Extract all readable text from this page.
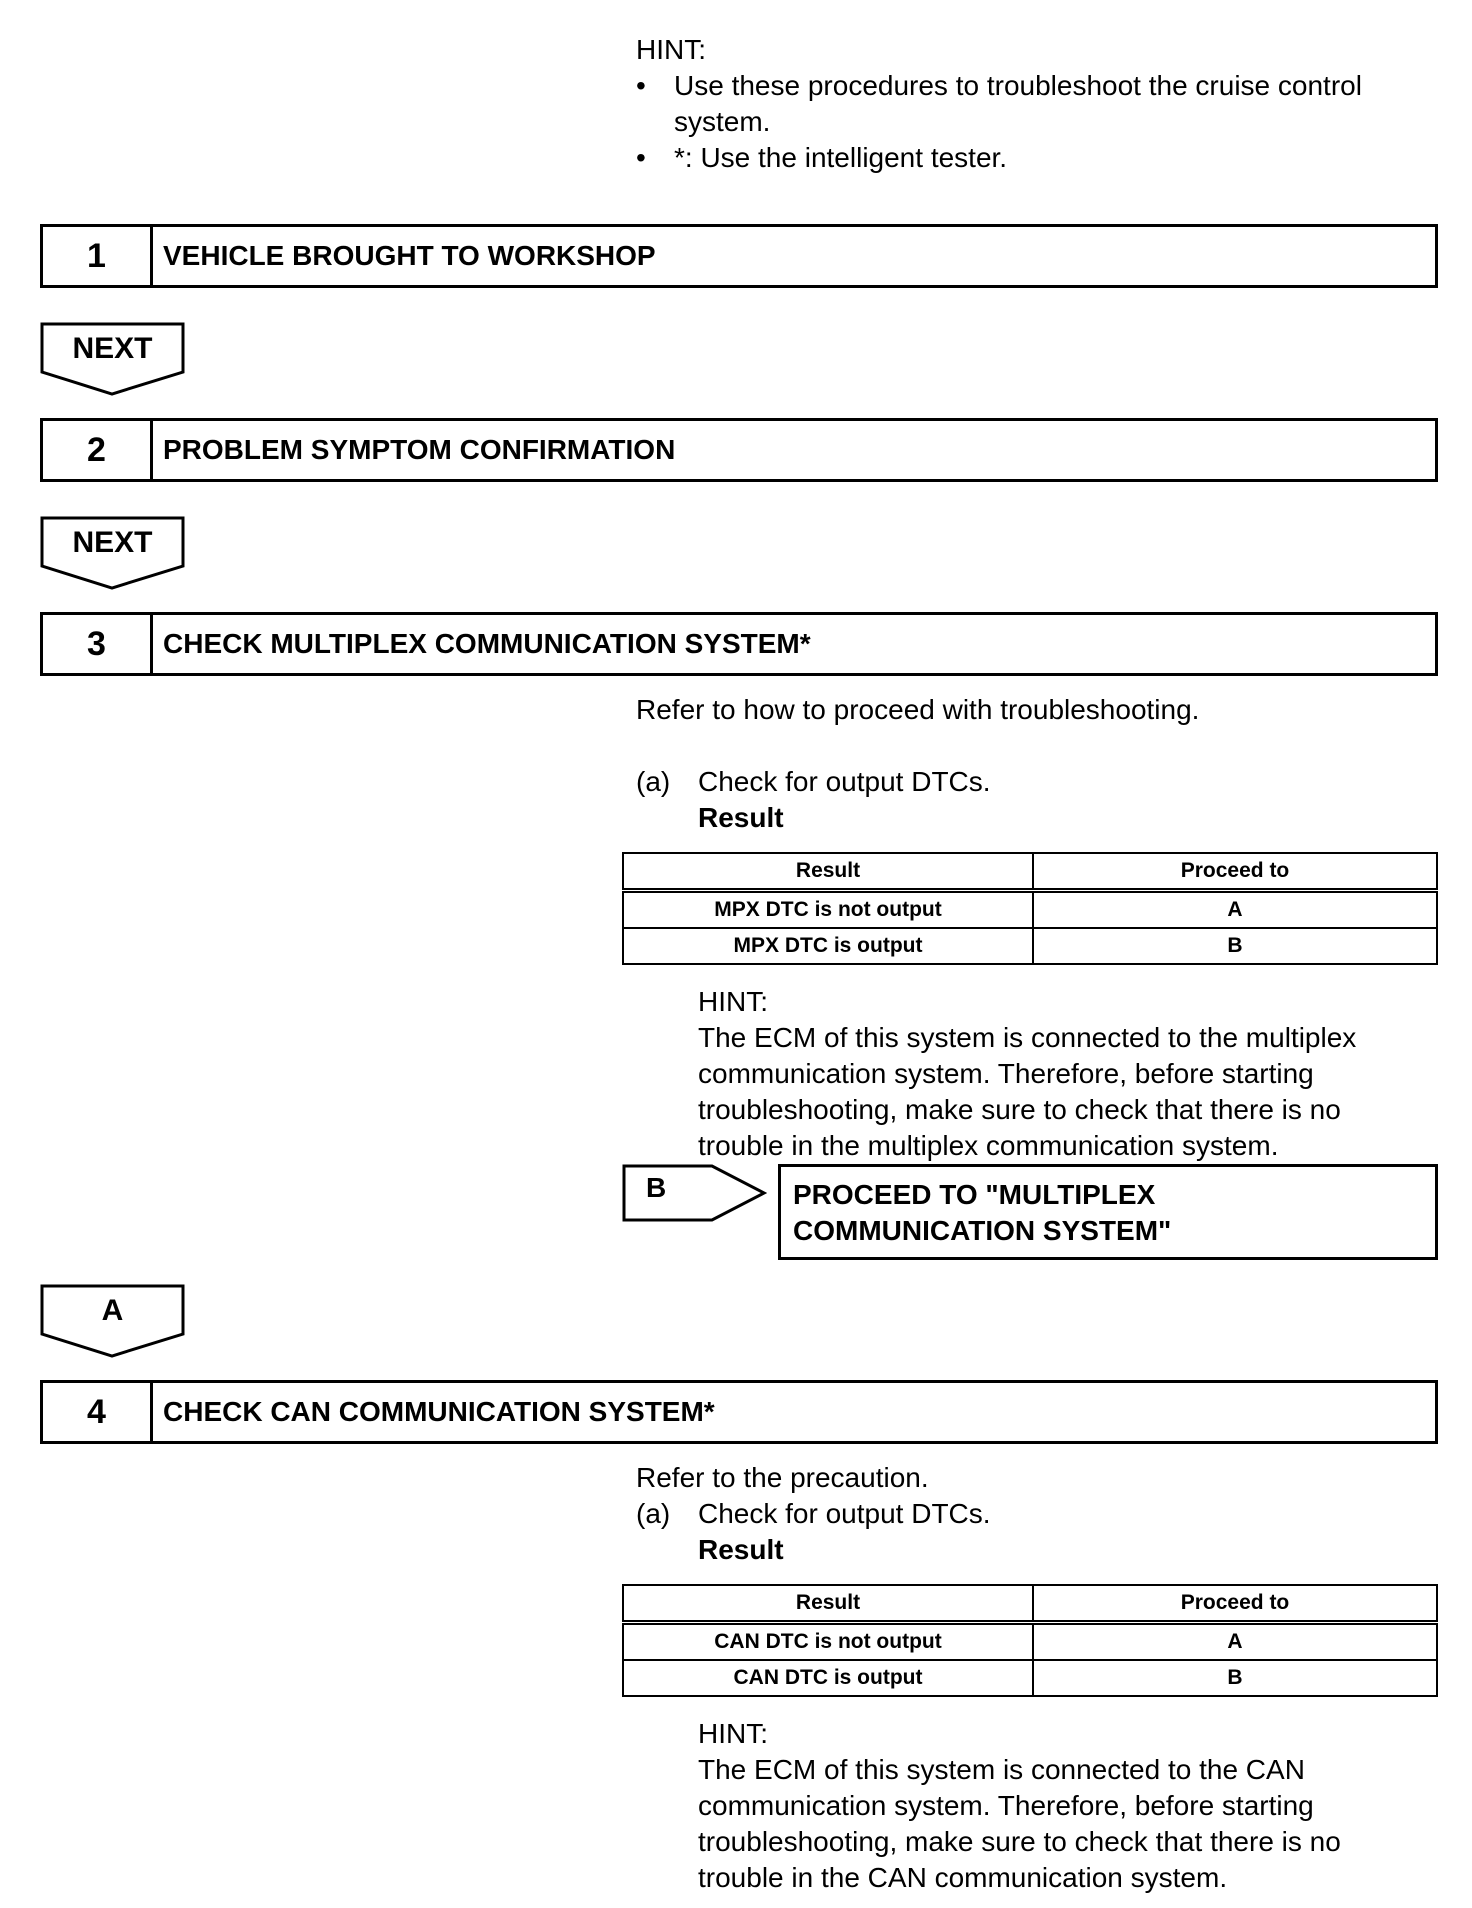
HINT:
• Use these procedures to troubleshoot the cruise control
system.
• *: Use the intelligent tester.
1	VEHICLE BROUGHT TO WORKSHOP
NEXT
2	PROBLEM SYMPTOM CONFIRMATION
NEXT
3	CHECK MULTIPLEX COMMUNICATION SYSTEM*
Refer to how to proceed with troubleshooting.
(a) Check for output DTCs.
Result
Result	Proceed to
MPX DTC is not output	A
MPX DTC is output	B
HINT:
The ECM of this system is connected to the multiplex
communication system. Therefore, before starting
troubleshooting, make sure to check that there is no
trouble in the multiplex communication system.
B	PROCEED TO "MULTIPLEX
COMMUNICATION SYSTEM"
A
4	CHECK CAN COMMUNICATION SYSTEM*
Refer to the precaution.
(a) Check for output DTCs.
Result
Result	Proceed to
CAN DTC is not output	A
CAN DTC is output	B
HINT:
The ECM of this system is connected to the CAN
communication system. Therefore, before starting
troubleshooting, make sure to check that there is no
trouble in the CAN communication system.
